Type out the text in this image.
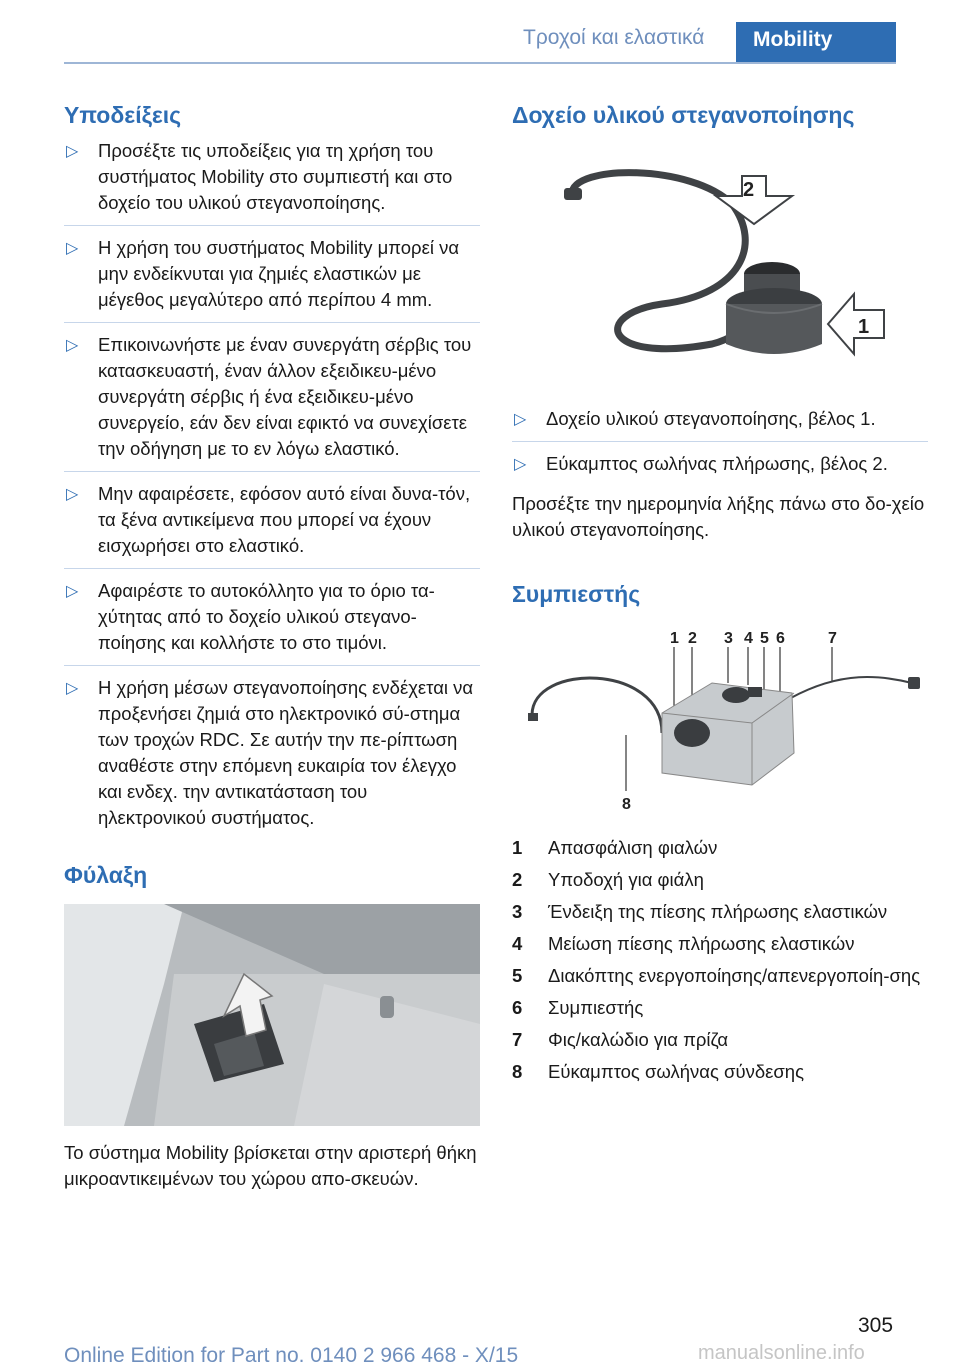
Τροχοί και ελαστικά	Mobility
Υποδείξεις
▷ Προσέξτε τις υποδείξεις για τη χρήση του συστήματος Mobility στο συμπιεστή και στο δοχείο του υλικού στεγανοποίησης.
▷ Η χρήση του συστήματος Mobility μπορεί να μην ενδείκνυται για ζημιές ελαστικών με μέγεθος μεγαλύτερο από περίπου 4 mm.
▷ Επικοινωνήστε με έναν συνεργάτη σέρβις του κατασκευαστή, έναν άλλον εξειδικευ-μένο συνεργάτη σέρβις ή ένα εξειδικευ-μένο συνεργείο, εάν δεν είναι εφικτό να συνεχίσετε την οδήγηση με το εν λόγω ελαστικό.
▷ Μην αφαιρέσετε, εφόσον αυτό είναι δυνα-τόν, τα ξένα αντικείμενα που μπορεί να έχουν εισχωρήσει στο ελαστικό.
▷ Αφαιρέστε το αυτοκόλλητο για το όριο τα-χύτητας από το δοχείο υλικού στεγανο-ποίησης και κολλήστε το στο τιμόνι.
▷ Η χρήση μέσων στεγανοποίησης ενδέχεται να προξενήσει ζημιά στο ηλεκτρονικό σύ-στημα των τροχών RDC. Σε αυτήν την πε-ρίπτωση αναθέστε στην επόμενη ευκαιρία τον έλεγχο και ενδεχ. την αντικατάσταση του ηλεκτρονικού συστήματος.
Φύλαξη

Το σύστημα Mobility βρίσκεται στην αριστερή θήκη μικροαντικειμένων του χώρου απο-σκευών.

Δοχείο υλικού στεγανοποίησης
2
1
▷ Δοχείο υλικού στεγανοποίησης, βέλος 1.
▷ Εύκαμπτος σωλήνας πλήρωσης, βέλος 2.

Προσέξτε την ημερομηνία λήξης πάνω στο δο-χείο υλικού στεγανοποίησης.

Συμπιεστής
1 2 3 4 5 6	7
8
1 Απασφάλιση φιαλών
2 Υποδοχή για φιάλη
3 Ένδειξη της πίεσης πλήρωσης ελαστικών
4 Μείωση πίεσης πλήρωσης ελαστικών
5 Διακόπτης ενεργοποίησης/απενεργοποίη-σης
6 Συμπιεστής
7 Φις/καλώδιο για πρίζα
8 Εύκαμπτος σωλήνας σύνδεσης
305
Online Edition for Part no. 0140 2 966 468 - X/15	manualsonline.info
